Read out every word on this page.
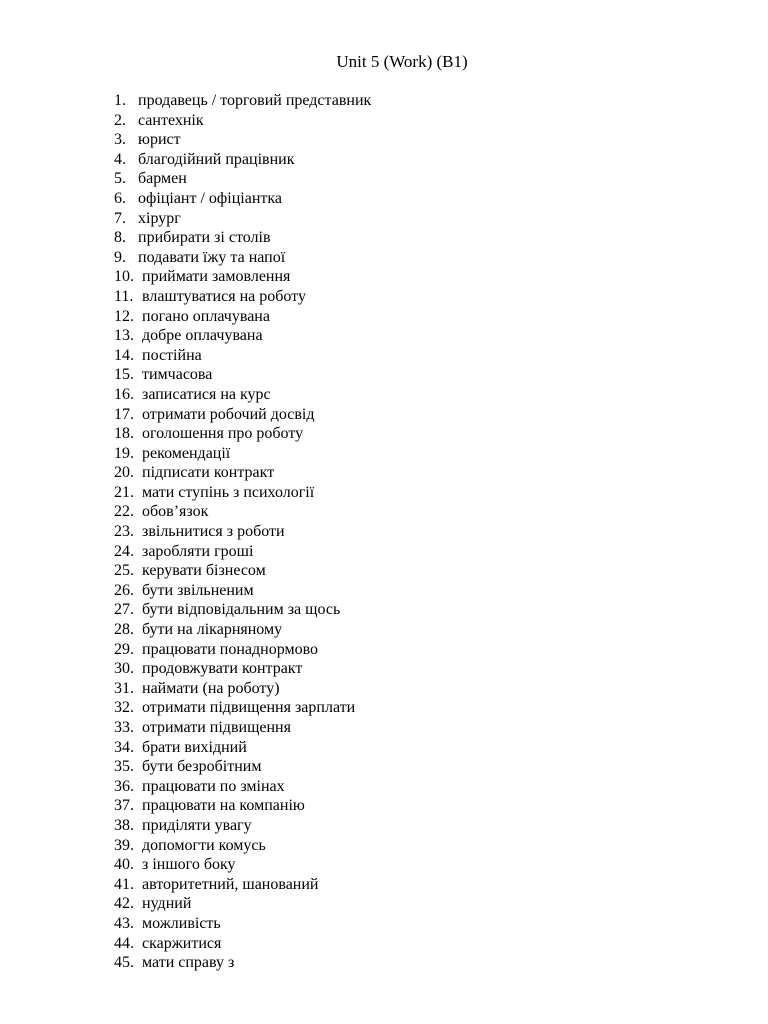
Unit 5 (Work) (B1)
1. продавець / торговий представник
2. сантехнік
3. юрист
4. благодійний працівник
5. бармен
6. офіціант / офіціантка
7. хірург
8. прибирати зі столів
9. подавати їжу та напої
10. приймати замовлення
11. влаштуватися на роботу
12. погано оплачувана
13. добре оплачувана
14. постійна
15. тимчасова
16. записатися на курс
17. отримати робочий досвід
18. оголошення про роботу
19. рекомендації
20. підписати контракт
21. мати ступінь з психології
22. обов’язок
23. звільнитися з роботи
24. заробляти гроші
25. керувати бізнесом
26. бути звільненим
27. бути відповідальним за щось
28. бути на лікарняному
29. працювати понаднормово
30. продовжувати контракт
31. наймати (на роботу)
32. отримати підвищення зарплати
33. отримати підвищення
34. брати вихідний
35. бути безробітним
36. працювати по змінах
37. працювати на компанію
38. приділяти увагу
39. допомогти комусь
40. з іншого боку
41. авторитетний, шанований
42. нудний
43. можливість
44. скаржитися
45. мати справу з
